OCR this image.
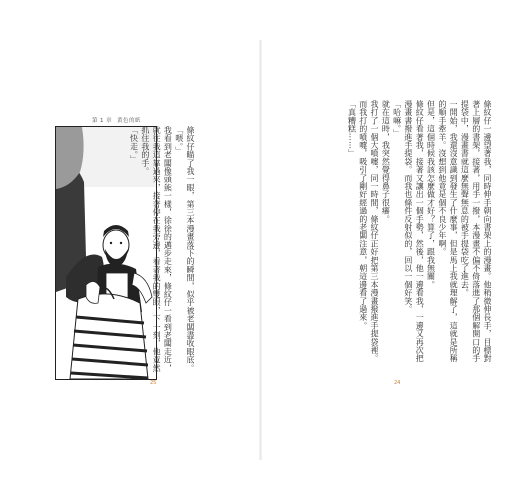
第 1 章 黃色的紙
條紋仔瞄了我一眼，第三本漫畫落下的瞬間，似乎被老闆盡收眼底。
「喂。」
我看到老闆像頭熊一樣，徐徐的邁步走來，條紋仔一看到老闆走近，就往我這靠過來，接著停在我旁邊，看著我的雙眼，下一刻，他竟然抓住我的手。
「快走。」
25
條紋仔一邊望著我，同時伸手朝向書架上的漫畫。他稍微伸長手，目標對著上層的書架，接著，用手一撥，本漫畫不偏不倚落進了那個解開口的手提袋中，漫畫書就這麼無聲無息的被手提袋吃了進去。
一開始，我還沒意識到發生了什麼事，但是馬上我就理解了，這就是所稱的順手牽羊。沒想到他竟是個不良少年啊。
但是，這個時候我該怎麼做才好？算了，跟我無關。
條紋仔看著我，接著又讓出一個手勢，然後，他一邊看我，一邊又再次把漫畫書撥進手提袋。而我也條件反射似的，回以一個好笑。
「哈嘛。」
就在這時，我突然覺得鼻子很癢。
我打了一個大噴嚏，同一時間，條紋仔正好把第三本漫畫撥進手提袋裡。而我打的噴嚏，吸引了剛好經過的老闆注意，朝這邊看了過來。
「真糟糕……」
24
